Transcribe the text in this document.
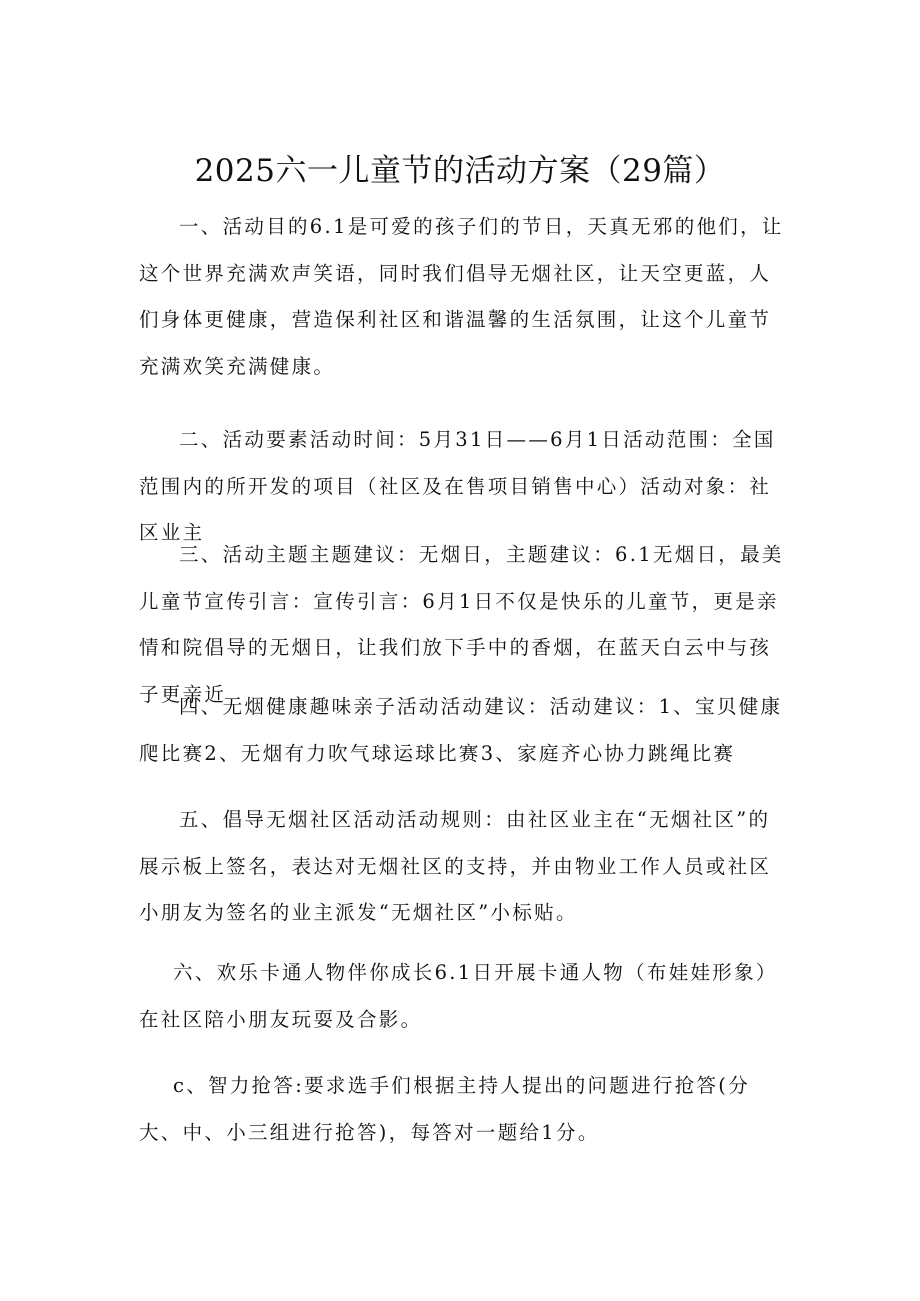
2025六一儿童节的活动方案（29篇）

一、活动目的6.1是可爱的孩子们的节日，天真无邪的他们，让这个世界充满欢声笑语，同时我们倡导无烟社区，让天空更蓝，人们身体更健康，营造保利社区和谐温馨的生活氛围，让这个儿童节充满欢笑充满健康。

二、活动要素活动时间：5月31日——6月1日活动范围：全国范围内的所开发的项目（社区及在售项目销售中心）活动对象：社区业主

三、活动主题主题建议：无烟日，主题建议：6.1无烟日，最美儿童节宣传引言：宣传引言：6月1日不仅是快乐的儿童节，更是亲情和院倡导的无烟日，让我们放下手中的香烟，在蓝天白云中与孩子更亲近

四、无烟健康趣味亲子活动活动建议：活动建议：1、宝贝健康爬比赛2、无烟有力吹气球运球比赛3、家庭齐心协力跳绳比赛

五、倡导无烟社区活动活动规则：由社区业主在“无烟社区”的展示板上签名，表达对无烟社区的支持，并由物业工作人员或社区小朋友为签名的业主派发“无烟社区”小标贴。

六、欢乐卡通人物伴你成长6.1日开展卡通人物（布娃娃形象）在社区陪小朋友玩耍及合影。

c、智力抢答:要求选手们根据主持人提出的问题进行抢答(分大、中、小三组进行抢答)，每答对一题给1分。
